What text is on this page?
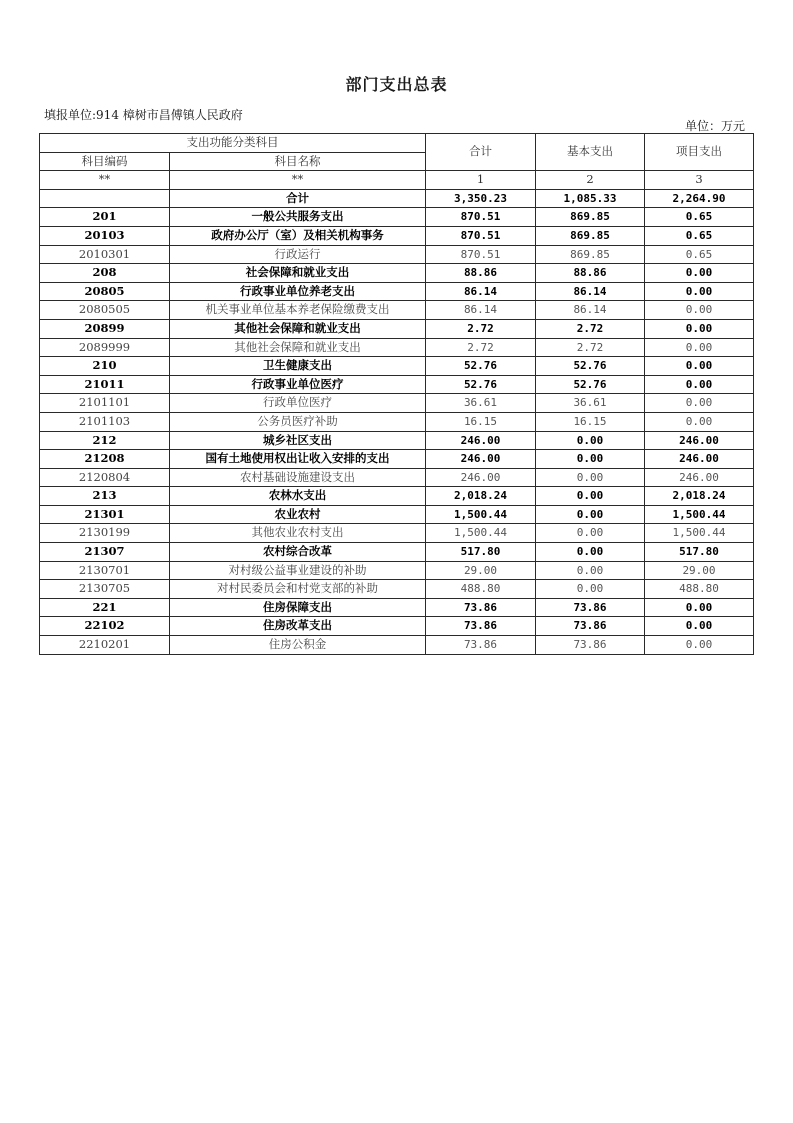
部门支出总表
填报单位:914 樟树市昌傅镇人民政府
单位：万元
支出功能分类科目		合计	基本支出	项目支出
科目编码	科目名称			
**	**	1	2	3
	合计	3,350.23	1,085.33	2,264.90
201	一般公共服务支出	870.51	869.85	0.65
20103	政府办公厅（室）及相关机构事务	870.51	869.85	0.65
2010301	行政运行	870.51	869.85	0.65
208	社会保障和就业支出	88.86	88.86	0.00
20805	行政事业单位养老支出	86.14	86.14	0.00
2080505	机关事业单位基本养老保险缴费支出	86.14	86.14	0.00
20899	其他社会保障和就业支出	2.72	2.72	0.00
2089999	其他社会保障和就业支出	2.72	2.72	0.00
210	卫生健康支出	52.76	52.76	0.00
21011	行政事业单位医疗	52.76	52.76	0.00
2101101	行政单位医疗	36.61	36.61	0.00
2101103	公务员医疗补助	16.15	16.15	0.00
212	城乡社区支出	246.00	0.00	246.00
21208	国有土地使用权出让收入安排的支出	246.00	0.00	246.00
2120804	农村基础设施建设支出	246.00	0.00	246.00
213	农林水支出	2,018.24	0.00	2,018.24
21301	农业农村	1,500.44	0.00	1,500.44
2130199	其他农业农村支出	1,500.44	0.00	1,500.44
21307	农村综合改革	517.80	0.00	517.80
2130701	对村级公益事业建设的补助	29.00	0.00	29.00
2130705	对村民委员会和村党支部的补助	488.80	0.00	488.80
221	住房保障支出	73.86	73.86	0.00
22102	住房改革支出	73.86	73.86	0.00
2210201	住房公积金	73.86	73.86	0.00
